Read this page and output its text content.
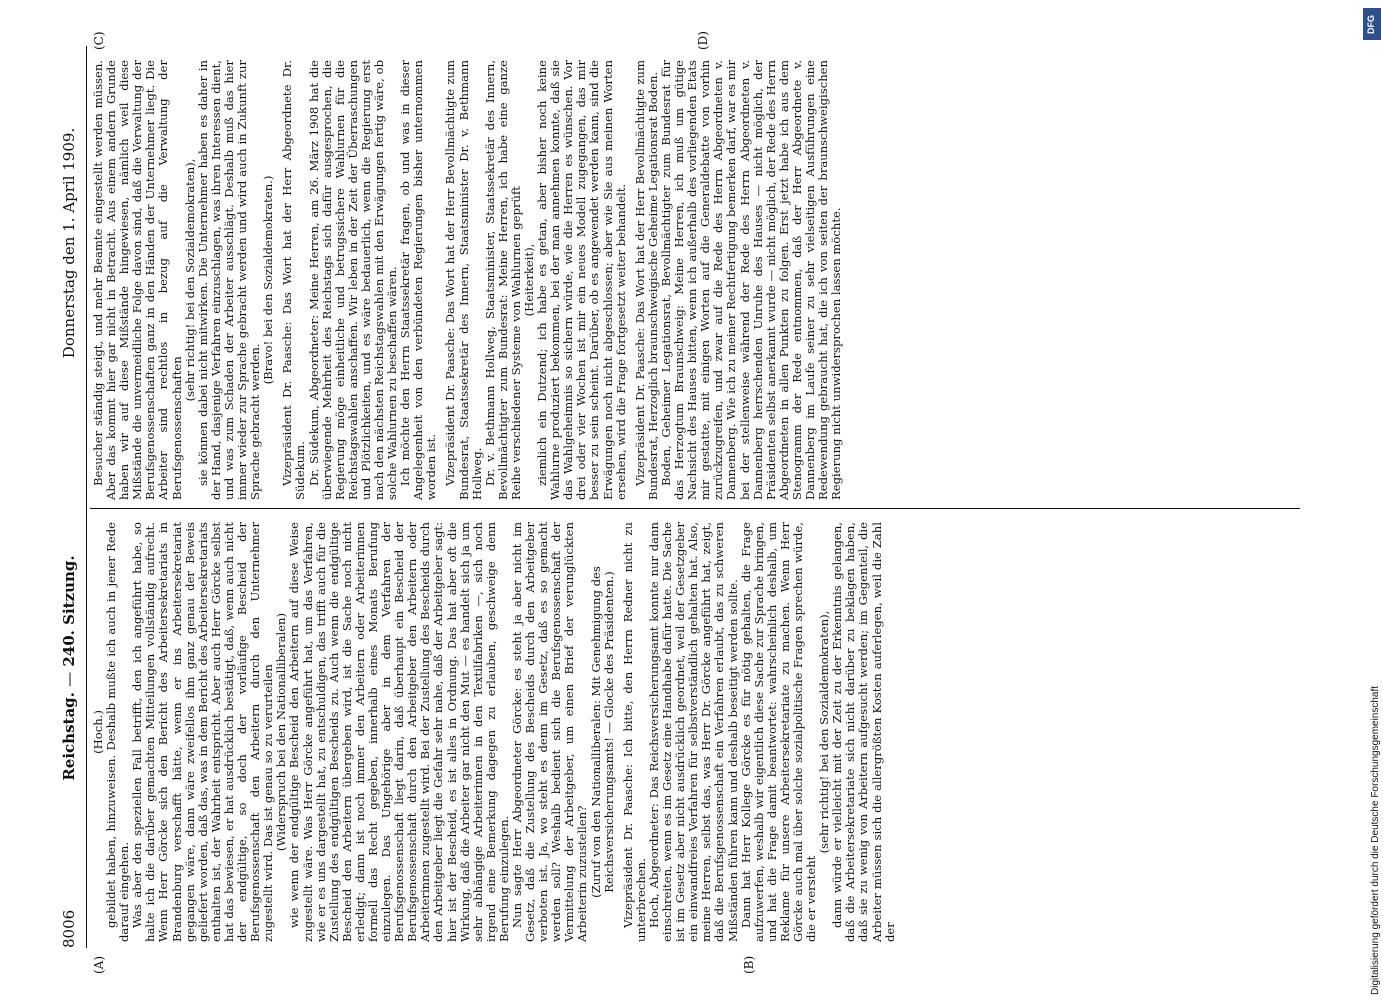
8006
Reichstag. — 240. Sitzung.
Donnerstag den 1. April 1909.
(A)	(B)
(C)	(D)

(Hoch.) gebildet haben, hinzuweisen. Deshalb mußte ich auch in jener Rede darauf eingehen. Was aber den speziellen Fall betrifft, den ich angeführt habe, so halte ich die darüber gemachten Mitteilungen vollständig aufrecht. Wenn Herr Görcke sich den Bericht des Arbeitersekretariats in Brandenburg verschafft hätte, wenn er ins Arbeitersekretariat gegangen wäre, dann wäre zweifellos ihm ganz genau der Beweis geliefert worden, daß das, was in dem Bericht des Arbeitersekretariats enthalten ist, der Wahrheit entspricht. Aber auch Herr Görcke selbst hat das bewiesen, er hat ausdrücklich bestätigt, daß, wenn auch nicht der endgültige, so doch der vorläufige Bescheid der Berufsgenossenschaft den Arbeitern durch den Unternehmer zugestellt wird. Das ist genau so zu verurteilen (Widerspruch bei den Nationalliberalen) wie wenn der endgültige Bescheid den Arbeitern auf diese Weise zugestellt wäre. Was Herr Görcke angeführt hat, um das Verfahren, wie er es uns dargestellt hat, zu entschuldigen, das trifft auch für die Zustellung des endgültigen Bescheids zu. Auch wenn die endgültige Bescheid den Arbeitern übergeben wird, ist die Sache noch nicht erledigt; dann ist noch immer den Arbeitern oder Arbeiterinnen formell das Recht gegeben, innerhalb eines Monats Berufung einzulegen. Das Ungehörige aber in dem Verfahren der Berufsgenossenschaft liegt darin, daß überhaupt ein Bescheid der Berufsgenossenschaft durch den Arbeitgeber den Arbeitern oder Arbeiterinnen zugestellt wird. Bei der Zustellung des Bescheids durch den Arbeitgeber liegt die Gefahr sehr nahe, daß der Arbeitgeber sagt: hier ist der Bescheid, es ist alles in Ordnung. Das hat aber oft die Wirkung, daß die Arbeiter gar nicht den Mut — es handelt sich ja um sehr abhängige Arbeiterinnen in den Textilfabriken —, sich noch irgend eine Bemerkung dagegen zu erlauben, geschweige denn Berufung einzulegen. Nun sagte Herr Abgeordneter Görcke: es steht ja aber nicht im Gesetz, daß die Zustellung des Bescheids durch den Arbeitgeber verboten ist. Ja, wo steht es denn im Gesetz, daß es so gemacht werden soll? Weshalb bedient sich die Berufsgenossenschaft der Vermittelung der Arbeitgeber, um einen Brief der verunglückten Arbeiterin zuzustellen? (Zuruf von den Nationalliberalen: Mit Genehmigung des Reichsversicherungsamts! — Glocke des Präsidenten.) Vizepräsident Dr. Paasche: Ich bitte, den Herrn Redner nicht zu unterbrechen. Hoch, Abgeordneter: Das Reichsversicherungsamt konnte nur dann einschreiten, wenn es im Gesetz eine Handhabe dafür hatte. Die Sache ist im Gesetz aber nicht ausdrücklich geordnet, weil der Gesetzgeber ein einwandfreies Verfahren für selbstverständlich gehalten hat. Also, meine Herren, selbst das, was Herr Dr. Görcke angeführt hat, zeigt, daß die Berufsgenossenschaft ein Verfahren erlaubt, das zu schweren Mißständen führen kann und deshalb beseitigt werden sollte. Dann hat Herr Kollege Görcke es für nötig gehalten, die Frage aufzuwerfen, weshalb wir eigentlich diese Sache zur Sprache bringen, und hat die Frage damit beantwortet: wahrscheinlich deshalb, um Reklame für unsere Arbeitersekretariate zu machen. Wenn Herr Görcke auch mal über solche sozialpolitische Fragen sprechen würde, die er versteht

(sehr richtig! bei den Sozialdemokraten), dann würde er vielleicht mit der Zeit zu der Erkenntnis gelangen, daß die Arbeitersekretariate sich nicht darüber zu beklagen haben, daß sie zu wenig von Arbeitern aufgesucht werden; im Gegenteil, die Arbeiter müssen sich die allergrößten Kosten auferlegen, weil die Zahl der

Besucher ständig steigt, und mehr Beamte eingestellt werden müssen. Aber das kommt hier gar nicht in Betracht. Aus einem andern Grunde haben wir auf diese Mißstände hingewiesen, nämlich weil diese Mißstände die unvermeidliche Folge davon sind, daß die Verwaltung der Berufsgenossenschaften ganz in den Händen der Unternehmer liegt. Die Arbeiter sind rechtlos in bezug auf die Verwaltung der Berufsgenossenschaften

(sehr richtig! bei den Sozialdemokraten), sie können dabei nicht mitwirken. Die Unternehmer haben es daher in der Hand, dasjenige Verfahren einzuschlagen, was ihren Interessen dient, und was zum Schaden der Arbeiter ausschlägt. Deshalb muß das hier immer wieder zur Sprache gebracht werden und wird auch in Zukunft zur Sprache gebracht werden.

(Bravo! bei den Sozialdemokraten.) Vizepräsident Dr. Paasche: Das Wort hat der Herr Abgeordnete Dr. Südekum. Dr. Südekum, Abgeordneter: Meine Herren, am 26. März 1908 hat die überwiegende Mehrheit des Reichstags sich dafür ausgesprochen, die Regierung möge einheitliche und betrugssichere Wahlurnen für die Reichstagswahlen anschaffen. Wir leben in der Zeit der Überraschungen und Plötzlichkeiten, und es wäre bedauerlich, wenn die Regierung erst nach den nächsten Reichstagswahlen mit den Erwägungen fertig wäre, ob solche Wahlurnen zu beschaffen wären. Ich möchte den Herrn Staatssekretär fragen, ob und was in dieser Angelegenheit von den verbündeten Regierungen bisher unternommen worden ist. Vizepräsident Dr. Paasche: Das Wort hat der Herr Bevollmächtigte zum Bundesrat, Staatssekretär des Innern, Staatsminister Dr. v. Bethmann Hollweg. Dr. v. Bethmann Hollweg, Staatsminister, Staatssekretär des Innern, Bevollmächtigter zum Bundesrat: Meine Herren, ich habe eine ganze Reihe verschiedener Systeme von Wahlurnen geprüft (Heiterkeit), ziemlich ein Dutzend; ich habe es getan, aber bisher noch keine Wahlurne produziert bekommen, bei der man annehmen konnte, daß sie das Wahlgeheimnis so sichern würde, wie die Herren es wünschen. Vor drei oder vier Wochen ist mir ein neues Modell zugegangen, das mir besser zu sein scheint. Darüber, ob es angewendet werden kann, sind die Erwägungen noch nicht abgeschlossen; aber wie Sie aus meinen Worten ersehen, wird die Frage fortgesetzt weiter behandelt. Vizepräsident Dr. Paasche: Das Wort hat der Herr Bevollmächtigte zum Bundesrat, Herzoglich braunschweigische Geheime Legationsrat Boden. Boden, Geheimer Legationsrat, Bevollmächtigter zum Bundesrat für das Herzogtum Braunschweig: Meine Herren, ich muß um gütige Nachsicht des Hauses bitten, wenn ich außerhalb des vorliegenden Etats mir gestatte, mit einigen Worten auf die Generaldebatte von vorhin zurückzugreifen, und zwar auf die Rede des Herrn Abgeordneten v. Dannenberg. Wie ich zu meiner Rechtfertigung bemerken darf, war es mir bei der stellenweise während der Rede des Herrn Abgeordneten v. Dannenberg herrschenden Unruhe des Hauses — nicht möglich, der Präsidenten selbst anerkannt wurde — nicht möglich, der Rede des Herrn Abgeordneten in allen Punkten zu folgen. Erst jetzt habe ich aus dem Stenogramm der Rede entnommen, daß der Herr Abgeordnete v. Dannenberg im Laufe seiner zu sehr vielseitigen Ausführungen eine Redewendung gebraucht hat, die ich von seiten der braunschweigischen Regierung nicht unwidersprochen lassen möchte.

DFG
Digitalisierung gefördert durch die Deutsche Forschungsgemeinschaft
